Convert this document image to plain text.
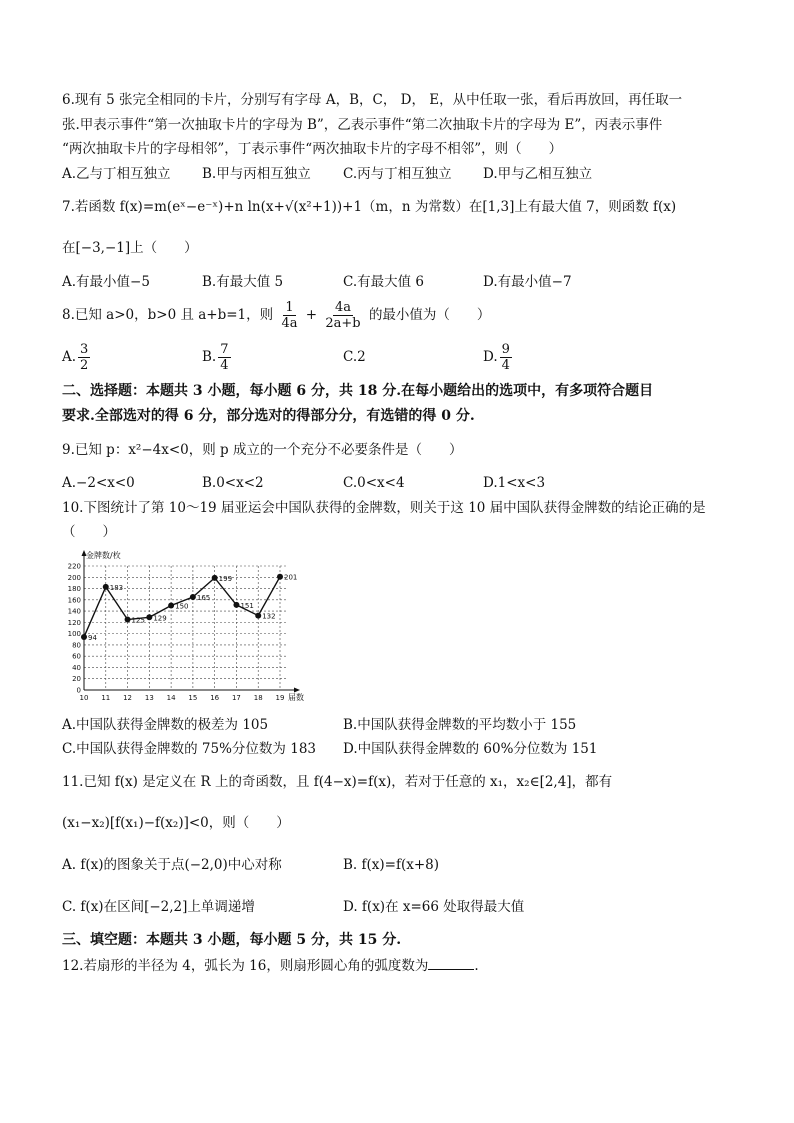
6.现有 5 张完全相同的卡片，分别写有字母 A，B，C， D， E，从中任取一张，看后再放回，再任取一
张.甲表示事件“第一次抽取卡片的字母为 B”，乙表示事件“第二次抽取卡片的字母为 E”，丙表示事件
“两次抽取卡片的字母相邻”，丁表示事件“两次抽取卡片的字母不相邻”，则（　　）
A.乙与丁相互独立 B.甲与丙相互独立 C.丙与丁相互独立 D.甲与乙相互独立
7.若函数 f(x)=m(eˣ−e⁻ˣ)+n ln(x+√(x²+1))+1（m，n 为常数）在[1,3]上有最大值 7，则函数 f(x)
在[−3,−1]上（　　）
A.有最小值−5	B.有最大值 5	C.有最大值 6	D.有最小值−7
8.已知 a>0，b>0 且 a+b=1，则 $\frac{1}{4a} + \frac{4a}{2a+b}$ 的最小值为（　　）
A. $\frac{3}{2}$	B. $\frac{7}{4}$	C.2	D. $\frac{9}{4}$
二、选择题：本题共 3 小题，每小题 6 分，共 18 分.在每小题给出的选项中，有多项符合题目
要求.全部选对的得 6 分，部分选对的得部分分，有选错的得 0 分.
9.已知 p：x²−4x<0，则 p 成立的一个充分不必要条件是（　　）
A.−2<x<0	B.0<x<2	C.0<x<4	D.1<x<3
10.下图统计了第 10～19 届亚运会中国队获得的金牌数，则关于这 10 届中国队获得金牌数的结论正确的是
（　　）
0
20
40
60
80
100
120
140
160
180
200
220
10 11 12 13 14 15 16 17 18 19
金牌数/枚
届数
94
183
125 129
150
165
199
151
132
201
A.中国队获得金牌数的极差为 105	B.中国队获得金牌数的平均数小于 155
C.中国队获得金牌数的 75%分位数为 183 D.中国队获得金牌数的 60%分位数为 151
11.已知 f(x) 是定义在 R 上的奇函数，且 f(4−x)=f(x)，若对于任意的 x₁，x₂∈[2,4]，都有
(x₁−x₂)[f(x₁)−f(x₂)]<0，则（　　）
A. f(x)的图象关于点(−2,0)中心对称	B. f(x)=f(x+8)
C. f(x)在区间[−2,2]上单调递增	D. f(x)在 x=66 处取得最大值
三、填空题：本题共 3 小题，每小题 5 分，共 15 分.
12.若扇形的半径为 4，弧长为 16，则扇形圆心角的弧度数为	.
